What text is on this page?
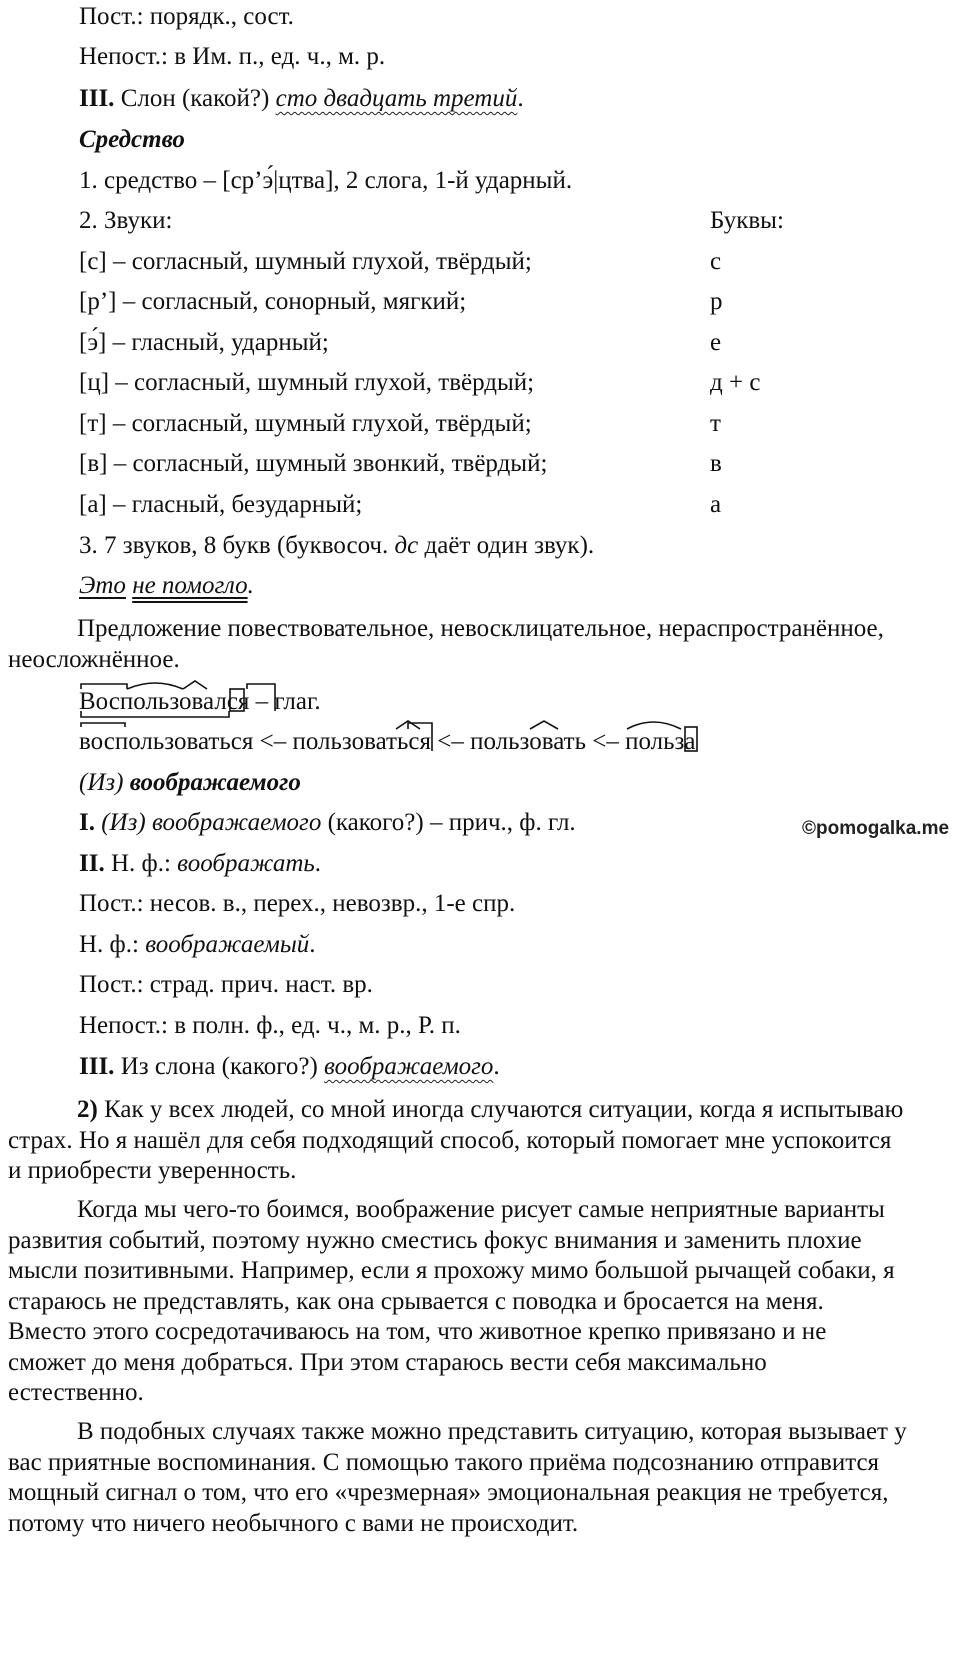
Пост.: порядк., сост.
Непост.: в Им. п., ед. ч., м. р.
III. Слон (какой?) сто двадцать третий.
Средство
1. средство – [ср’э́|цтва], 2 слога, 1-й ударный.
2. Звуки:	Буквы:
[с] – согласный, шумный глухой, твёрдый;	с
[р’] – согласный, сонорный, мягкий;	р
[э́] – гласный, ударный;	е
[ц] – согласный, шумный глухой, твёрдый;	д + с
[т] – согласный, шумный глухой, твёрдый;	т
[в] – согласный, шумный звонкий, твёрдый;	в
[а] – гласный, безударный;	а
3. 7 звуков, 8 букв (буквосоч. дс даёт один звук).
Это не помогло.
Предложение повествовательное, невосклицательное, нераспространённое, неосложнённое.
Воспользовался
– глаг.
воспользоваться
<– пользоваться
<– пользовать
<– польза
(Из) воображаемого
©pomogalka.me
I. (Из) воображаемого (какого?) – прич., ф. гл.
II. Н. ф.: воображать.
Пост.: несов. в., перех., невозвр., 1-е спр.
Н. ф.: воображаемый.
Пост.: страд. прич. наст. вр.
Непост.: в полн. ф., ед. ч., м. р., Р. п.
III. Из слона (какого?) воображаемого.
2) Как у всех людей, со мной иногда случаются ситуации, когда я испытываю страх. Но я нашёл для себя подходящий способ, который помогает мне успокоится и приобрести уверенность.
Когда мы чего-то боимся, воображение рисует самые неприятные варианты развития событий, поэтому нужно сместись фокус внимания и заменить плохие мысли позитивными. Например, если я прохожу мимо большой рычащей собаки, я стараюсь не представлять, как она срывается с поводка и бросается на меня. Вместо этого сосредотачиваюсь на том, что животное крепко привязано и не сможет до меня добраться. При этом стараюсь вести себя максимально естественно.
В подобных случаях также можно представить ситуацию, которая вызывает у вас приятные воспоминания. С помощью такого приёма подсознанию отправится мощный сигнал о том, что его «чрезмерная» эмоциональная реакция не требуется, потому что ничего необычного с вами не происходит.
